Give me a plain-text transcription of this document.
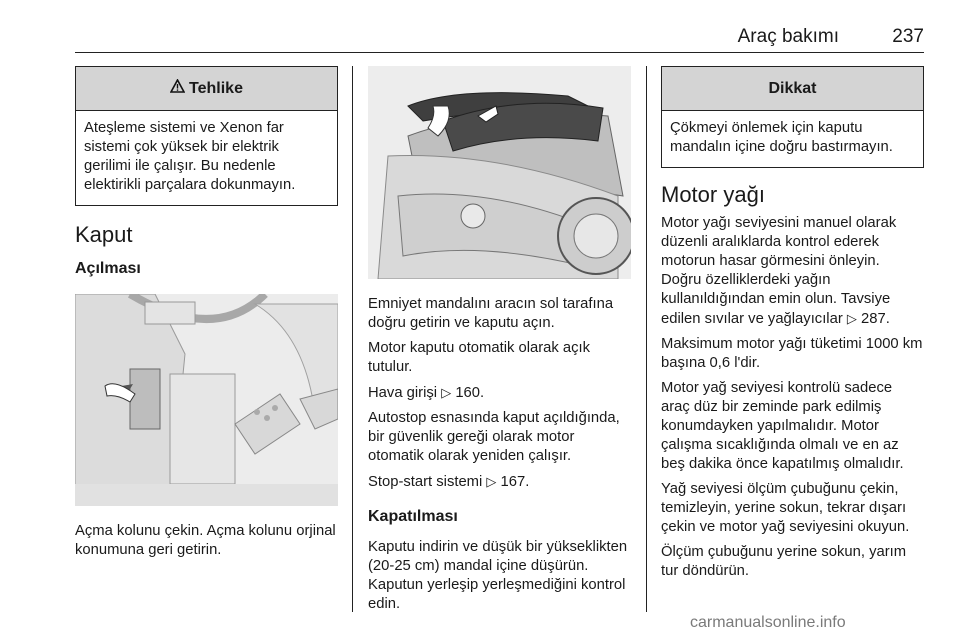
Araç bakımı	237
Tehlike
Ateşleme sistemi ve Xenon far sistemi çok yüksek bir elektrik gerilimi ile çalışır. Bu nedenle elektirikli parçalara dokunmayın.
Kaput
Açılması

Açma kolunu çekin. Açma kolunu orjinal konumuna geri getirin.

Emniyet mandalını aracın sol tarafına doğru getirin ve kaputu açın.

Motor kaputu otomatik olarak açık tutulur.

Hava girişi ▷ 160.

Autostop esnasında kaput açıldığında, bir güvenlik gereği olarak motor otomatik olarak yeniden çalışır.

Stop-start sistemi ▷ 167.

Kapatılması

Kaputu indirin ve düşük bir yükseklikten (20-25 cm) mandal içine düşürün. Kaputun yerleşip yerleşmediğini kontrol edin.

Dikkat
Çökmeyi önlemek için kaputu mandalın içine doğru bastırmayın.
Motor yağı

Motor yağı seviyesini manuel olarak düzenli aralıklarda kontrol ederek motorun hasar görmesini önleyin. Doğru özelliklerdeki yağın kullanıldığından emin olun. Tavsiye edilen sıvılar ve yağlayıcılar ▷ 287.

Maksimum motor yağı tüketimi 1000 km başına 0,6 l'dir.

Motor yağ seviyesi kontrolü sadece araç düz bir zeminde park edilmiş konumdayken yapılmalıdır. Motor çalışma sıcaklığında olmalı ve en az beş dakika önce kapatılmış olmalıdır.

Yağ seviyesi ölçüm çubuğunu çekin, temizleyin, yerine sokun, tekrar dışarı çekin ve motor yağ seviyesini okuyun.

Ölçüm çubuğunu yerine sokun, yarım tur döndürün.

carmanualsonline.info
